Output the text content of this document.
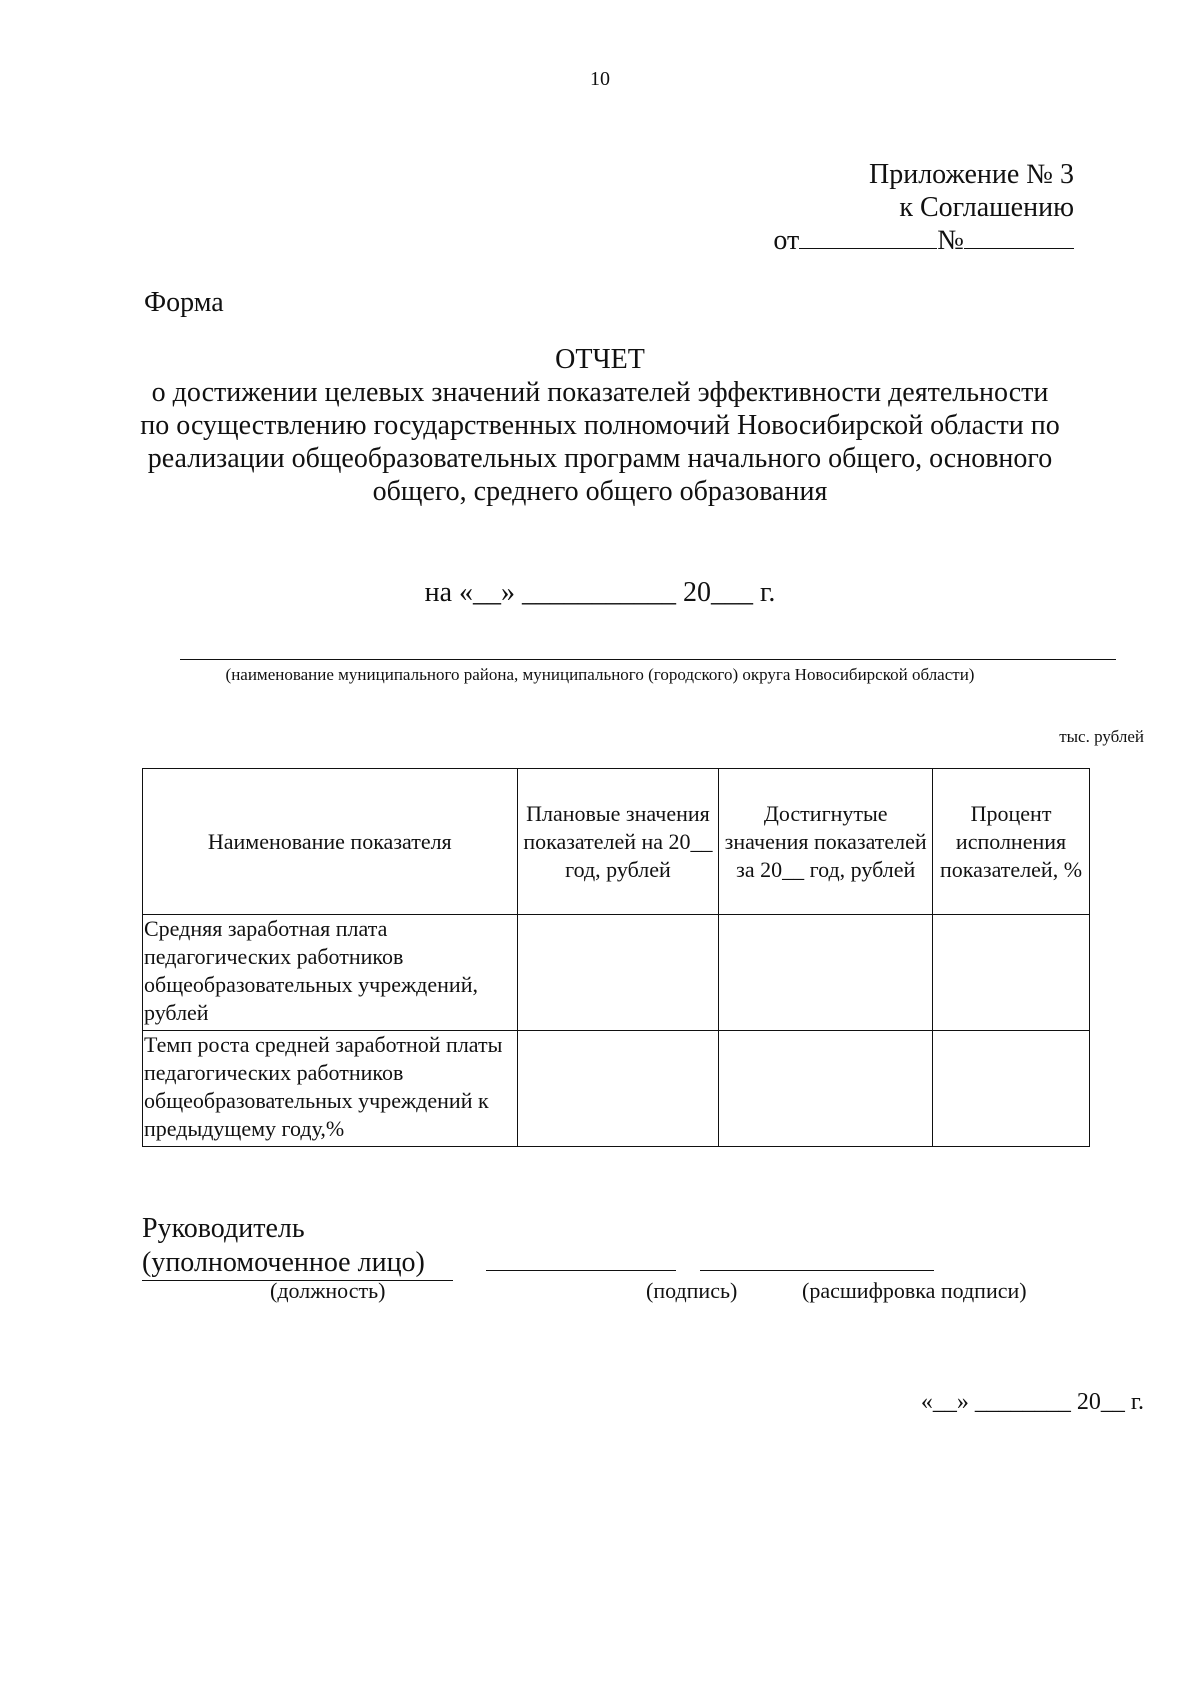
10
Приложение № 3
к Соглашению
от	№
Форма
ОТЧЕТ
о достижении целевых значений показателей эффективности деятельности
по осуществлению государственных полномочий Новосибирской области по
реализации общеобразовательных программ начального общего, основного
общего, среднего общего образования
на «__» ___________ 20___ г.
(наименование муниципального района, муниципального (городского) округа Новосибирской области)
тыс. рублей
Наименование показателя	Плановые значения показателей на 20__ год, рублей	Достигнутые значения показателей за 20__ год, рублей	Процент исполнения показателей, %
Средняя заработная плата педагогических работников общеобразовательных учреждений, рублей			
Темп роста средней заработной платы педагогических работников общеобразовательных учреждений к предыдущему году,%			
Руководитель
(уполномоченное лицо)
(должность)	(подпись)	(расшифровка подписи)
«__» ________ 20__ г.
